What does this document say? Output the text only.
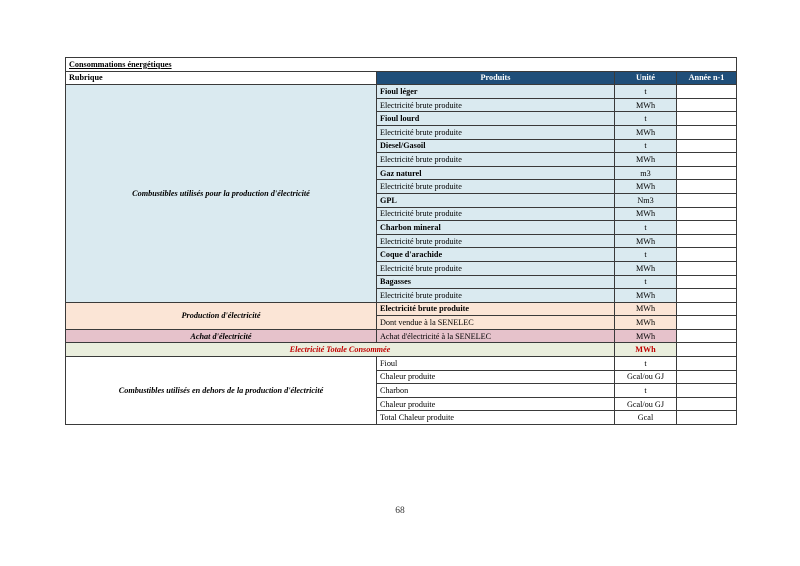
Consommations énergétiques			
Rubrique	Produits	Unité	Année n-1
Combustibles utilisés pour la production d'électricité	Fioul léger	t	
	Electricité brute produite	MWh	
	Fioul lourd	t	
	Electricité brute produite	MWh	
	Diesel/Gasoil	t	
	Electricité brute produite	MWh	
	Gaz naturel	m3	
	Electricité brute produite	MWh	
	GPL	Nm3	
	Electricité brute produite	MWh	
	Charbon mineral	t	
	Electricité brute produite	MWh	
	Coque d'arachide	t	
	Electricité brute produite	MWh	
	Bagasses	t	
	Electricité brute produite	MWh	
Production d'électricité	Electricité brute produite	MWh	
	Dont vendue à la SENELEC	MWh	
Achat d'électricité	Achat d'électricité à la SENELEC	MWh	
Electricité Totale Consommée		MWh	
Combustibles utilisés en dehors de la production d'électricité	Fioul	t	
	Chaleur produite	Gcal/ou GJ	
	Charbon	t	
	Chaleur produite	Gcal/ou GJ	
	Total Chaleur produite	Gcal	
68
